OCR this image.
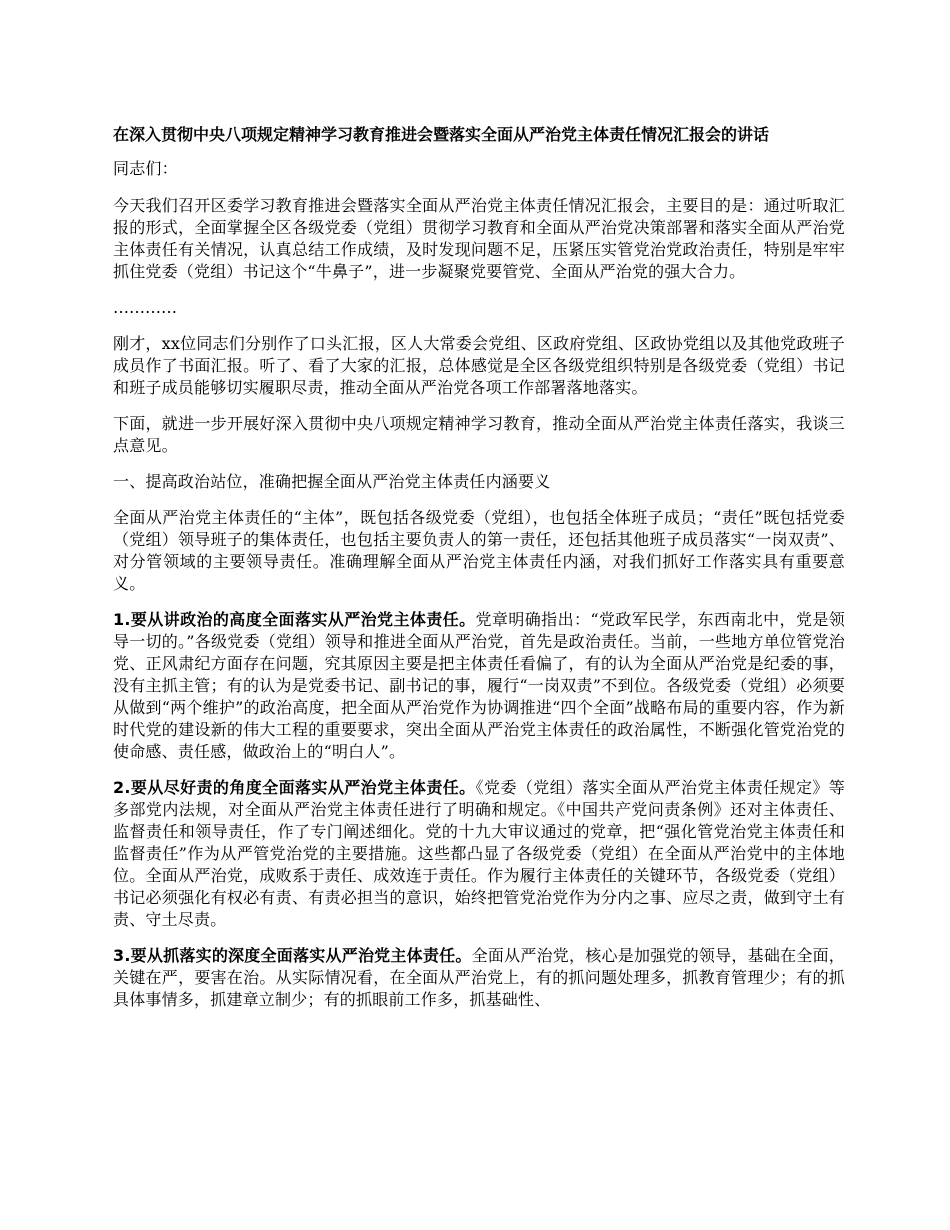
在深入贯彻中央八项规定精神学习教育推进会暨落实全面从严治党主体责任情况汇报会的讲话

同志们：

今天我们召开区委学习教育推进会暨落实全面从严治党主体责任情况汇报会，主要目的是：通过听取汇报的形式，全面掌握全区各级党委（党组）贯彻学习教育和全面从严治党决策部署和落实全面从严治党主体责任有关情况，认真总结工作成绩，及时发现问题不足，压紧压实管党治党政治责任，特别是牢牢抓住党委（党组）书记这个“牛鼻子”，进一步凝聚党要管党、全面从严治党的强大合力。

…………

刚才，xx位同志们分别作了口头汇报，区人大常委会党组、区政府党组、区政协党组以及其他党政班子成员作了书面汇报。听了、看了大家的汇报，总体感觉是全区各级党组织特别是各级党委（党组）书记和班子成员能够切实履职尽责，推动全面从严治党各项工作部署落地落实。

下面，就进一步开展好深入贯彻中央八项规定精神学习教育，推动全面从严治党主体责任落实，我谈三点意见。

一、提高政治站位，准确把握全面从严治党主体责任内涵要义

全面从严治党主体责任的“主体”，既包括各级党委（党组），也包括全体班子成员；“责任”既包括党委（党组）领导班子的集体责任，也包括主要负责人的第一责任，还包括其他班子成员落实“一岗双责”、对分管领域的主要领导责任。准确理解全面从严治党主体责任内涵，对我们抓好工作落实具有重要意义。

1.要从讲政治的高度全面落实从严治党主体责任。党章明确指出：“党政军民学，东西南北中，党是领导一切的。”各级党委（党组）领导和推进全面从严治党，首先是政治责任。当前，一些地方单位管党治党、正风肃纪方面存在问题，究其原因主要是把主体责任看偏了，有的认为全面从严治党是纪委的事，没有主抓主管；有的认为是党委书记、副书记的事，履行“一岗双责”不到位。各级党委（党组）必须要从做到“两个维护”的政治高度，把全面从严治党作为协调推进“四个全面”战略布局的重要内容，作为新时代党的建设新的伟大工程的重要要求，突出全面从严治党主体责任的政治属性，不断强化管党治党的使命感、责任感，做政治上的“明白人”。

2.要从尽好责的角度全面落实从严治党主体责任。《党委（党组）落实全面从严治党主体责任规定》等多部党内法规，对全面从严治党主体责任进行了明确和规定。《中国共产党问责条例》还对主体责任、监督责任和领导责任，作了专门阐述细化。党的十九大审议通过的党章，把“强化管党治党主体责任和监督责任”作为从严管党治党的主要措施。这些都凸显了各级党委（党组）在全面从严治党中的主体地位。全面从严治党，成败系于责任、成效连于责任。作为履行主体责任的关键环节，各级党委（党组）书记必须强化有权必有责、有责必担当的意识，始终把管党治党作为分内之事、应尽之责，做到守土有责、守土尽责。

3.要从抓落实的深度全面落实从严治党主体责任。全面从严治党，核心是加强党的领导，基础在全面，关键在严，要害在治。从实际情况看，在全面从严治党上，有的抓问题处理多，抓教育管理少；有的抓具体事情多，抓建章立制少；有的抓眼前工作多，抓基础性、
